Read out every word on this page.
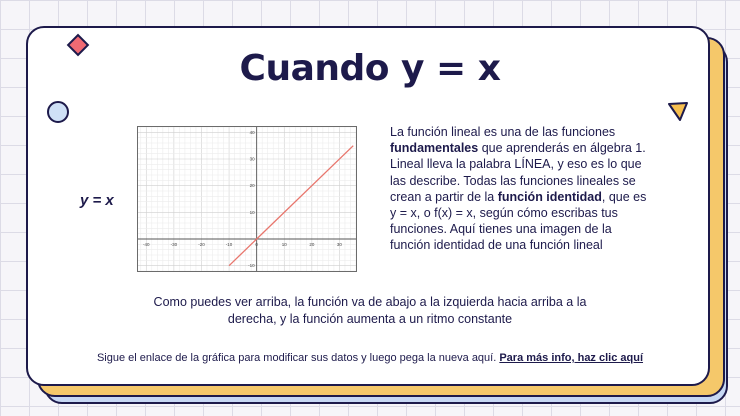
Cuando y = x
y = x
-40	-30	-20	-10	0	10	20	30
-10
10
20
30
40	La función lineal es una de las funciones fundamentales que aprenderás en álgebra 1. Lineal lleva la palabra LÍNEA, y eso es lo que las describe. Todas las funciones lineales se crean a partir de la función identidad, que es y = x, o f(x) = x, según cómo escribas tus funciones. Aquí tienes una imagen de la función identidad de una función lineal
Como puedes ver arriba, la función va de abajo a la izquierda hacia arriba a la derecha, y la función aumenta a un ritmo constante
Sigue el enlace de la gráfica para modificar sus datos y luego pega la nueva aquí. Para más info, haz clic aquí
